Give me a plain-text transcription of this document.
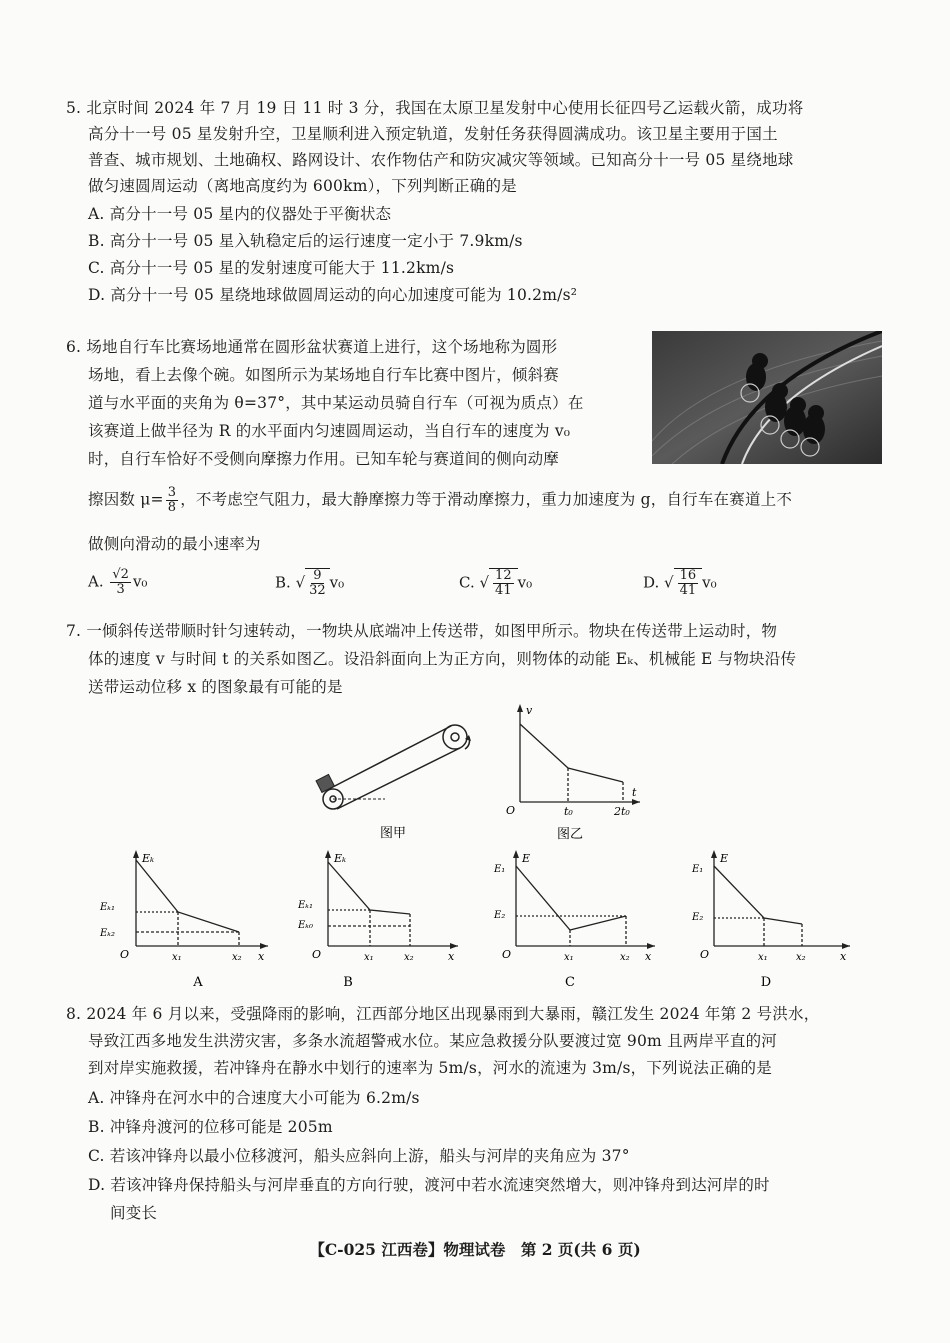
5. 北京时间 2024 年 7 月 19 日 11 时 3 分，我国在太原卫星发射中心使用长征四号乙运载火箭，成功将
高分十一号 05 星发射升空，卫星顺利进入预定轨道，发射任务获得圆满成功。该卫星主要用于国土
普查、城市规划、土地确权、路网设计、农作物估产和防灾减灾等领域。已知高分十一号 05 星绕地球
做匀速圆周运动（离地高度约为 600km），下列判断正确的是
A. 高分十一号 05 星内的仪器处于平衡状态
B. 高分十一号 05 星入轨稳定后的运行速度一定小于 7.9km/s
C. 高分十一号 05 星的发射速度可能大于 11.2km/s
D. 高分十一号 05 星绕地球做圆周运动的向心加速度可能为 10.2m/s²
6. 场地自行车比赛场地通常在圆形盆状赛道上进行，这个场地称为圆形
场地，看上去像个碗。如图所示为某场地自行车比赛中图片，倾斜赛
道与水平面的夹角为 θ=37°，其中某运动员骑自行车（可视为质点）在
该赛道上做半径为 R 的水平面内匀速圆周运动，当自行车的速度为 v₀
时，自行车恰好不受侧向摩擦力作用。已知车轮与赛道间的侧向动摩
擦因数 $\mu= \frac{3}{8}$ ，不考虑空气阻力，最大静摩擦力等于滑动摩擦力，重力加速度为 g，自行车在赛道上不
做侧向滑动的最小速率为
A. $\frac{√2}{3} v_0$	B. √ $\frac{9}{32} v_0$	C. √ $\frac{12}{41} v_0$	D. √ $\frac{16}{41} v_0$
7. 一倾斜传送带顺时针匀速转动，一物块从底端冲上传送带，如图甲所示。物块在传送带上运动时，物
体的速度 v 与时间 t 的关系如图乙。设沿斜面向上为正方向，则物体的动能 Eₖ、机械能 E 与物块沿传
送带运动位移 x 的图象最有可能的是
图甲
v
t
O	t₀	2t₀
图乙
Eₖ
Eₖ₁
Eₖ₂
O	x₁	x₂ x
A
Eₖ
Eₖ₁
Eₖ₀
O	x₁	x₂	x
B
E
E₁
E₂
O	x₁	x₂ x
C
E
E₁
E₂
O	x₁	x₂	x
D
8. 2024 年 6 月以来，受强降雨的影响，江西部分地区出现暴雨到大暴雨，赣江发生 2024 年第 2 号洪水，
导致江西多地发生洪涝灾害，多条水流超警戒水位。某应急救援分队要渡过宽 90m 且两岸平直的河
到对岸实施救援，若冲锋舟在静水中划行的速率为 5m/s，河水的流速为 3m/s，下列说法正确的是
A. 冲锋舟在河水中的合速度大小可能为 6.2m/s
B. 冲锋舟渡河的位移可能是 205m
C. 若该冲锋舟以最小位移渡河，船头应斜向上游，船头与河岸的夹角应为 37°
D. 若该冲锋舟保持船头与河岸垂直的方向行驶，渡河中若水流速突然增大，则冲锋舟到达河岸的时
间变长
【C-025 江西卷】物理试卷　第 2 页(共 6 页)
